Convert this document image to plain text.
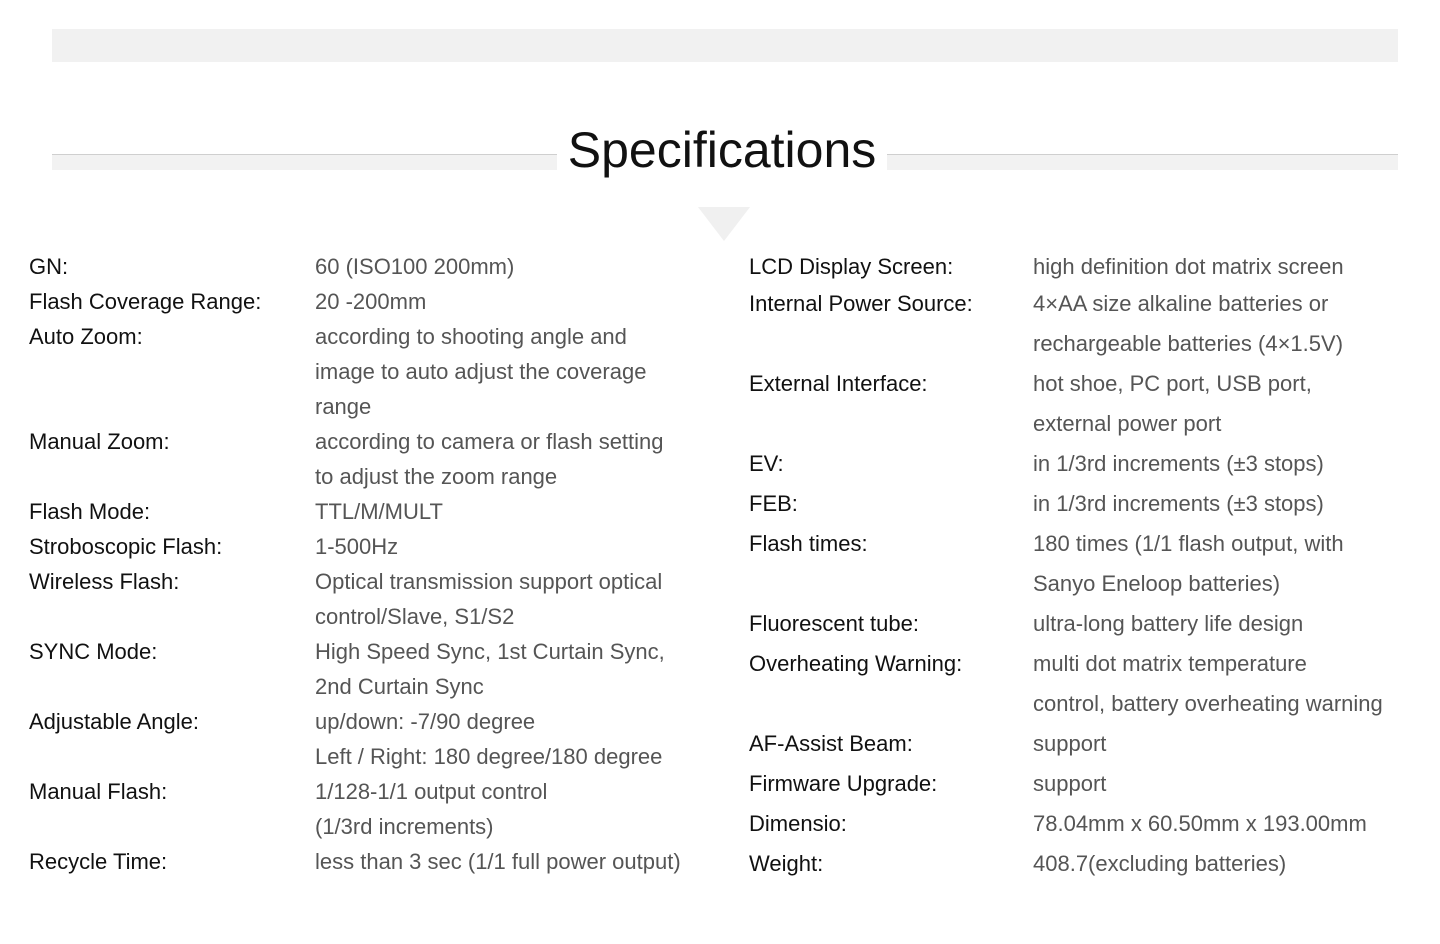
Specifications
GN:	60 (ISO100 200mm)
Flash Coverage Range:	20 -200mm
Auto Zoom:	according to shooting angle and
image to auto adjust the coverage
range
Manual Zoom:	according to camera or flash setting
to adjust the zoom range
Flash Mode:	TTL/M/MULT
Stroboscopic Flash:	1-500Hz
Wireless Flash:	Optical transmission support optical
control/Slave, S1/S2
SYNC Mode:	High Speed Sync, 1st Curtain Sync,
2nd Curtain Sync
Adjustable Angle:	up/down: -7/90 degree
Left / Right: 180 degree/180 degree
Manual Flash:	1/128-1/1 output control
(1/3rd increments)
Recycle Time:	less than 3 sec (1/1 full power output)
LCD Display Screen:	high definition dot matrix screen
Internal Power Source:	4×AA size alkaline batteries or
rechargeable batteries (4×1.5V)
External Interface:	hot shoe, PC port, USB port,
external power port
EV:	in 1/3rd increments (±3 stops)
FEB:	in 1/3rd increments (±3 stops)
Flash times:	180 times (1/1 flash output, with
Sanyo Eneloop batteries)
Fluorescent tube:	ultra-long battery life design
Overheating Warning:	multi dot matrix temperature
control, battery overheating warning
AF-Assist Beam:	support
Firmware Upgrade:	support
Dimensio:	78.04mm x 60.50mm x 193.00mm
Weight:	408.7(excluding batteries)
